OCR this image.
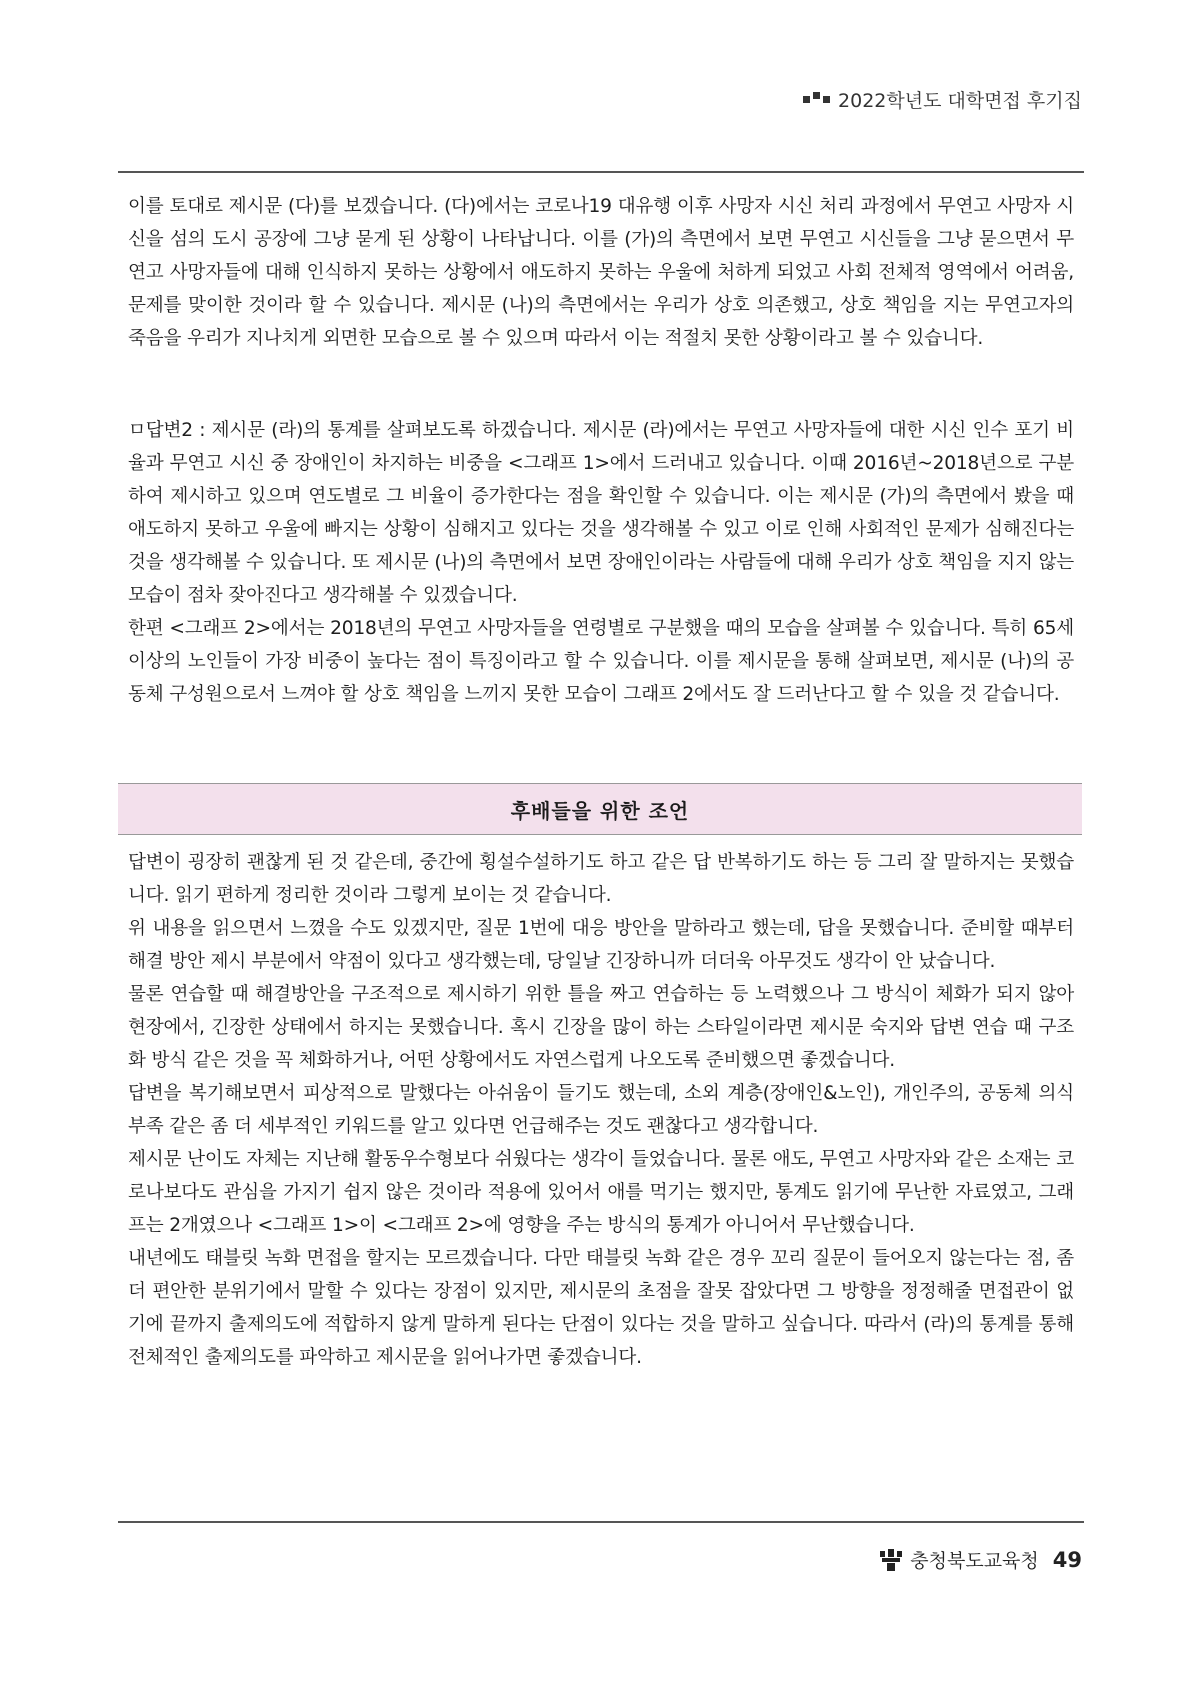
2022학년도 대학면접 후기집

이를 토대로 제시문 (다)를 보겠습니다. (다)에서는 코로나19 대유행 이후 사망자 시신 처리 과정에서 무연고 사망자 시신을 섬의 도시 공장에 그냥 묻게 된 상황이 나타납니다. 이를 (가)의 측면에서 보면 무연고 시신들을 그냥 묻으면서 무연고 사망자들에 대해 인식하지 못하는 상황에서 애도하지 못하는 우울에 처하게 되었고 사회 전체적 영역에서 어려움, 문제를 맞이한 것이라 할 수 있습니다. 제시문 (나)의 측면에서는 우리가 상호 의존했고, 상호 책임을 지는 무연고자의 죽음을 우리가 지나치게 외면한 모습으로 볼 수 있으며 따라서 이는 적절치 못한 상황이라고 볼 수 있습니다.

ㅁ답변2 : 제시문 (라)의 통계를 살펴보도록 하겠습니다. 제시문 (라)에서는 무연고 사망자들에 대한 시신 인수 포기 비율과 무연고 시신 중 장애인이 차지하는 비중을 <그래프 1>에서 드러내고 있습니다. 이때 2016년~2018년으로 구분하여 제시하고 있으며 연도별로 그 비율이 증가한다는 점을 확인할 수 있습니다. 이는 제시문 (가)의 측면에서 봤을 때 애도하지 못하고 우울에 빠지는 상황이 심해지고 있다는 것을 생각해볼 수 있고 이로 인해 사회적인 문제가 심해진다는 것을 생각해볼 수 있습니다. 또 제시문 (나)의 측면에서 보면 장애인이라는 사람들에 대해 우리가 상호 책임을 지지 않는 모습이 점차 잦아진다고 생각해볼 수 있겠습니다.

한편 <그래프 2>에서는 2018년의 무연고 사망자들을 연령별로 구분했을 때의 모습을 살펴볼 수 있습니다. 특히 65세 이상의 노인들이 가장 비중이 높다는 점이 특징이라고 할 수 있습니다. 이를 제시문을 통해 살펴보면, 제시문 (나)의 공동체 구성원으로서 느껴야 할 상호 책임을 느끼지 못한 모습이 그래프 2에서도 잘 드러난다고 할 수 있을 것 같습니다.

후배들을 위한 조언

답변이 굉장히 괜찮게 된 것 같은데, 중간에 횡설수설하기도 하고 같은 답 반복하기도 하는 등 그리 잘 말하지는 못했습니다. 읽기 편하게 정리한 것이라 그렇게 보이는 것 같습니다.

위 내용을 읽으면서 느꼈을 수도 있겠지만, 질문 1번에 대응 방안을 말하라고 했는데, 답을 못했습니다. 준비할 때부터 해결 방안 제시 부분에서 약점이 있다고 생각했는데, 당일날 긴장하니까 더더욱 아무것도 생각이 안 났습니다.

물론 연습할 때 해결방안을 구조적으로 제시하기 위한 틀을 짜고 연습하는 등 노력했으나 그 방식이 체화가 되지 않아 현장에서, 긴장한 상태에서 하지는 못했습니다. 혹시 긴장을 많이 하는 스타일이라면 제시문 숙지와 답변 연습 때 구조화 방식 같은 것을 꼭 체화하거나, 어떤 상황에서도 자연스럽게 나오도록 준비했으면 좋겠습니다.

답변을 복기해보면서 피상적으로 말했다는 아쉬움이 들기도 했는데, 소외 계층(장애인&노인), 개인주의, 공동체 의식 부족 같은 좀 더 세부적인 키워드를 알고 있다면 언급해주는 것도 괜찮다고 생각합니다.

제시문 난이도 자체는 지난해 활동우수형보다 쉬웠다는 생각이 들었습니다. 물론 애도, 무연고 사망자와 같은 소재는 코로나보다도 관심을 가지기 쉽지 않은 것이라 적용에 있어서 애를 먹기는 했지만, 통계도 읽기에 무난한 자료였고, 그래프는 2개였으나 <그래프 1>이 <그래프 2>에 영향을 주는 방식의 통계가 아니어서 무난했습니다.

내년에도 태블릿 녹화 면접을 할지는 모르겠습니다. 다만 태블릿 녹화 같은 경우 꼬리 질문이 들어오지 않는다는 점, 좀 더 편안한 분위기에서 말할 수 있다는 장점이 있지만, 제시문의 초점을 잘못 잡았다면 그 방향을 정정해줄 면접관이 없기에 끝까지 출제의도에 적합하지 않게 말하게 된다는 단점이 있다는 것을 말하고 싶습니다. 따라서 (라)의 통계를 통해 전체적인 출제의도를 파악하고 제시문을 읽어나가면 좋겠습니다.

충청북도교육청 49
